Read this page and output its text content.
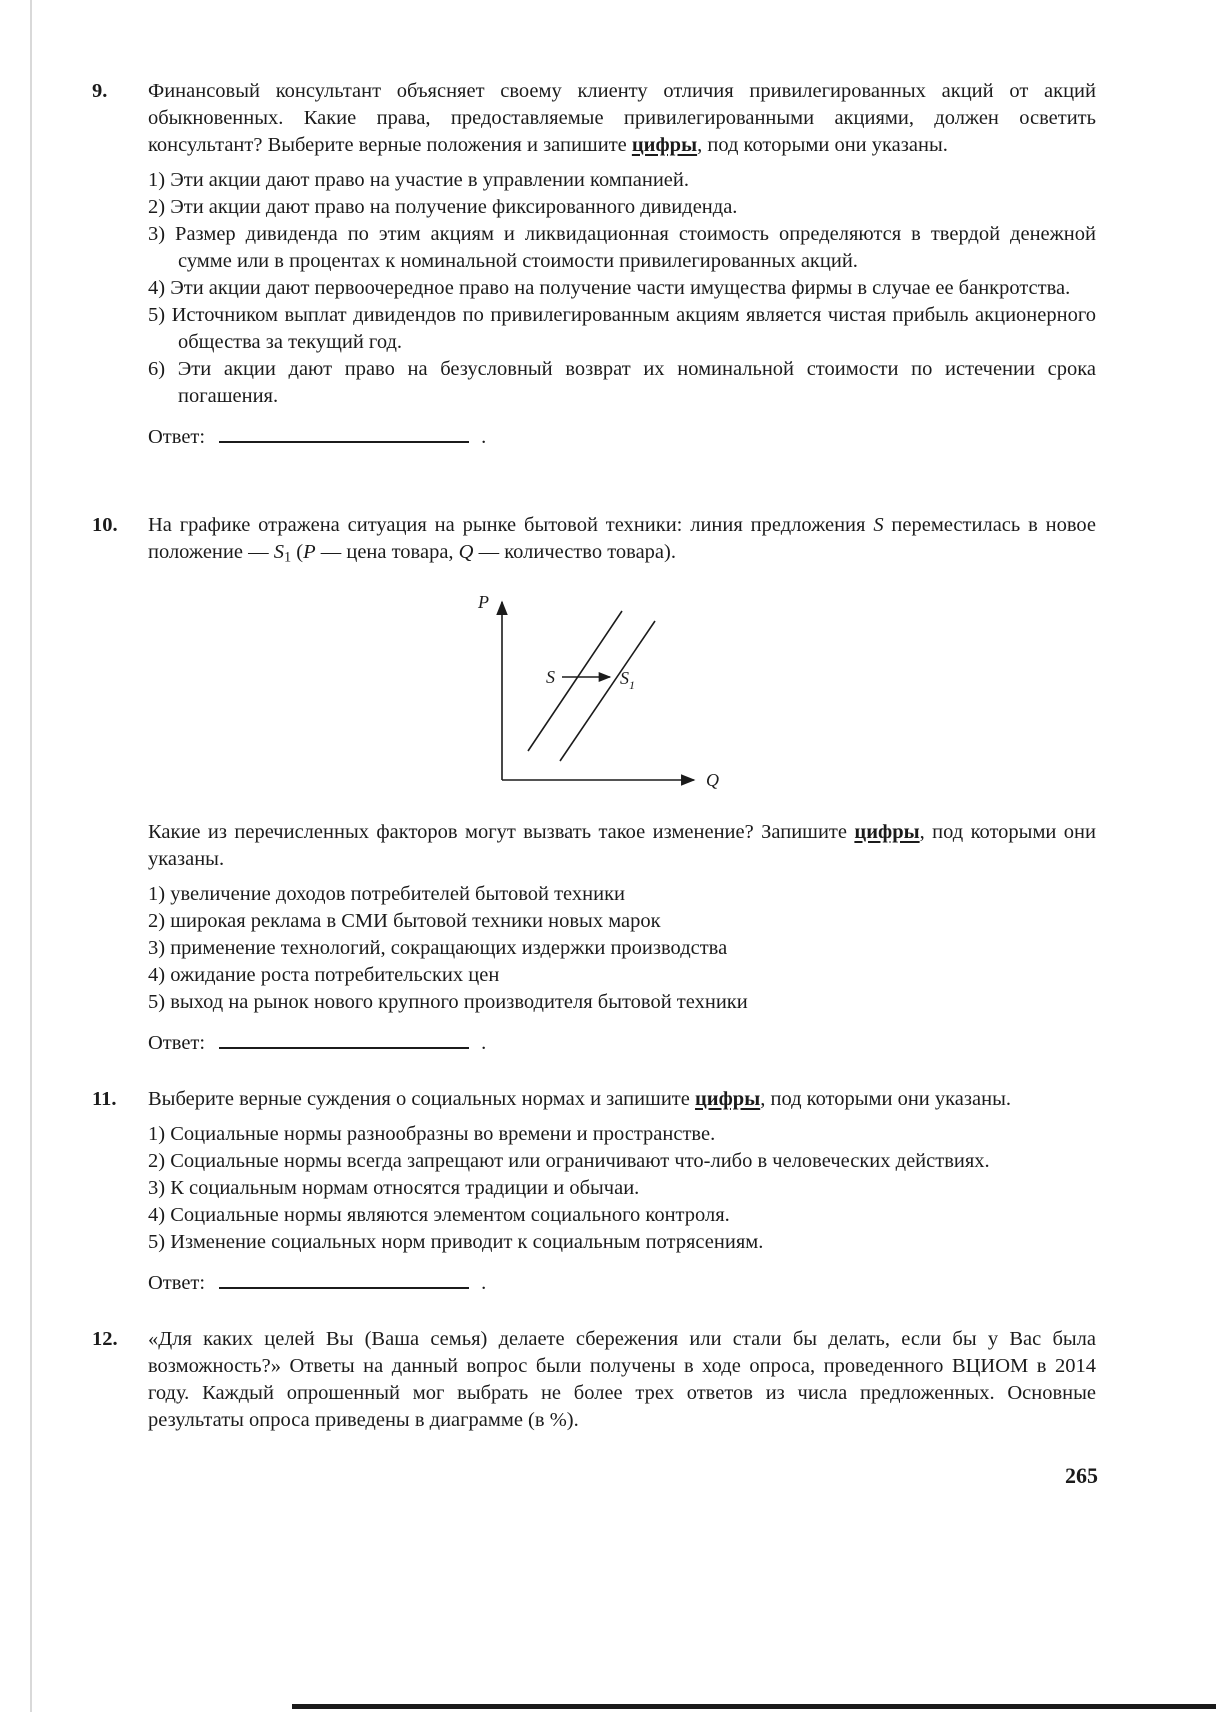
9.	Финансовый консультант объясняет своему клиенту отличия привилегированных акций от акций обыкновенных. Какие права, предоставляемые привилегированными акциями, должен осветить консультант? Выберите верные положения и запишите цифры, под которыми они указаны.

1) Эти акции дают право на участие в управлении компанией.
2) Эти акции дают право на получение фиксированного дивиденда.
3) Размер дивиденда по этим акциям и ликвидационная стоимость определяются в твердой денежной сумме или в процентах к номинальной стоимости привилегированных акций.
4) Эти акции дают первоочередное право на получение части имущества фирмы в случае ее банкротства.
5) Источником выплат дивидендов по привилегированным акциям является чистая прибыль акционерного общества за текущий год.
6) Эти акции дают право на безусловный возврат их номинальной стоимости по истечении срока погашения.
Ответ:	.
10.	На графике отражена ситуация на рынке бытовой техники: линия предложения S переместилась в новое положение — $S_1$ (P — цена товара, Q — количество товара).

P
Q
S	$S_1$

Какие из перечисленных факторов могут вызвать такое изменение? Запишите цифры, под которыми они указаны.

1) увеличение доходов потребителей бытовой техники
2) широкая реклама в СМИ бытовой техники новых марок
3) применение технологий, сокращающих издержки производства
4) ожидание роста потребительских цен
5) выход на рынок нового крупного производителя бытовой техники
Ответ:	.
11.	Выберите верные суждения о социальных нормах и запишите цифры, под которыми они указаны.

1) Социальные нормы разнообразны во времени и пространстве.
2) Социальные нормы всегда запрещают или ограничивают что-либо в человеческих действиях.
3) К социальным нормам относятся традиции и обычаи.
4) Социальные нормы являются элементом социального контроля.
5) Изменение социальных норм приводит к социальным потрясениям.
Ответ:	.
12.	«Для каких целей Вы (Ваша семья) делаете сбережения или стали бы делать, если бы у Вас была возможность?» Ответы на данный вопрос были получены в ходе опроса, проведенного ВЦИОМ в 2014 году. Каждый опрошенный мог выбрать не более трех ответов из числа предложенных. Основные результаты опроса приведены в диаграмме (в %).

265
